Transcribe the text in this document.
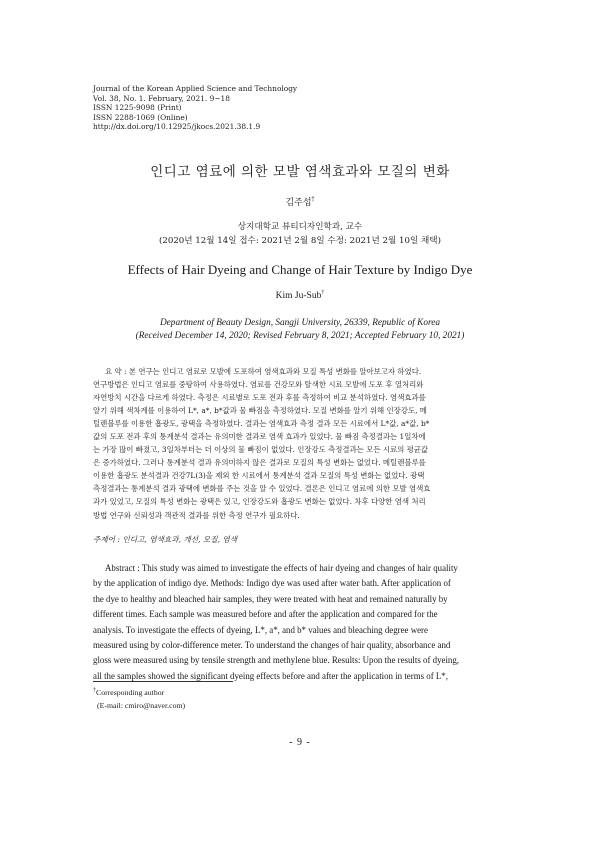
Journal of the Korean Applied Science and Technology
Vol. 38, No. 1. February, 2021. 9~18
ISSN 1225-9098 (Print)
ISSN 2288-1069 (Online)
http://dx.doi.org/10.12925/jkocs.2021.38.1.9
인디고 염료에 의한 모발 염색효과와 모질의 변화
김주섭†
상지대학교 뷰티디자인학과, 교수
(2020년 12월 14일 접수: 2021년 2월 8일 수정: 2021년 2월 10일 채택)
Effects of Hair Dyeing and Change of Hair Texture by Indigo Dye
Kim Ju-Sub†
Department of Beauty Design, Sangji University, 26339, Republic of Korea
(Received December 14, 2020; Revised February 8, 2021; Accepted February 10, 2021)
요 약 : 본 연구는 인디고 염료로 모발에 도포하여 염색효과와 모질 특성 변화를 알아보고자 하였다.
연구방법은 인디고 염료를 중탕하여 사용하였다. 염료를 건강모와 탈색한 시료 모발에 도포 후 열처리와
자연방치 시간을 다르게 하였다. 측정은 시료별로 도포 전과 후를 측정하여 비교 분석하였다. 염색효과를
알기 위해 색차계를 이용하여 L*, a*, b*값과 물 빠짐을 측정하였다. 모질 변화를 알기 위해 인장강도, 메
틸렌블루를 이용한 흡광도, 광택을 측정하였다. 결과는 염색효과 측정 결과 모든 시료에서 L*값, a*값, b*
값의 도포 전과 후의 통계분석 결과는 유의미한 결과로 염색 효과가 있었다. 물 빠짐 측정결과는 1일차에
는 가장 많이 빠졌고, 3일차부터는 더 이상의 물 빠짐이 없었다. 인장강도 측정결과는 모든 시료의 평균값
은 증가하였다. 그러나 통계분석 결과 유의미하지 않은 결과로 모질의 특성 변화는 없었다. 메틸렌블루를
이용한 흡광도 분석결과 건강7L(3)을 제외 한 시료에서 통계분석 결과 모질의 특성 변화는 없었다. 광택
측정결과는 통계분석 결과 광택에 변화를 주는 것을 알 수 있었다. 결론은 인디고 염료에 의한 모발 염색효
과가 있었고, 모질의 특성 변화는 광택은 있고, 인장강도와 흡광도 변화는 없었다. 차후 다양한 염색 처리
방법 연구와 신뢰성과 객관적 결과를 위한 측정 연구가 필요하다.
주제어 : 인디고, 염색효과, 개선, 모질, 염색
Abstract : This study was aimed to investigate the effects of hair dyeing and changes of hair quality
by the application of indigo dye. Methods: Indigo dye was used after water bath. After application of
the dye to healthy and bleached hair samples, they were treated with heat and remained naturally by
different times. Each sample was measured before and after the application and compared for the
analysis. To investigate the effects of dyeing, L*, a*, and b* values and bleaching degree were
measured using by color-difference meter. To understand the changes of hair quality, absorbance and
gloss were measured using by tensile strength and methylene blue. Results: Upon the results of dyeing,
all the samples showed the significant dyeing effects before and after the application in terms of L*,
†Corresponding author
(E-mail: cmiro@naver.com)
- 9 -
